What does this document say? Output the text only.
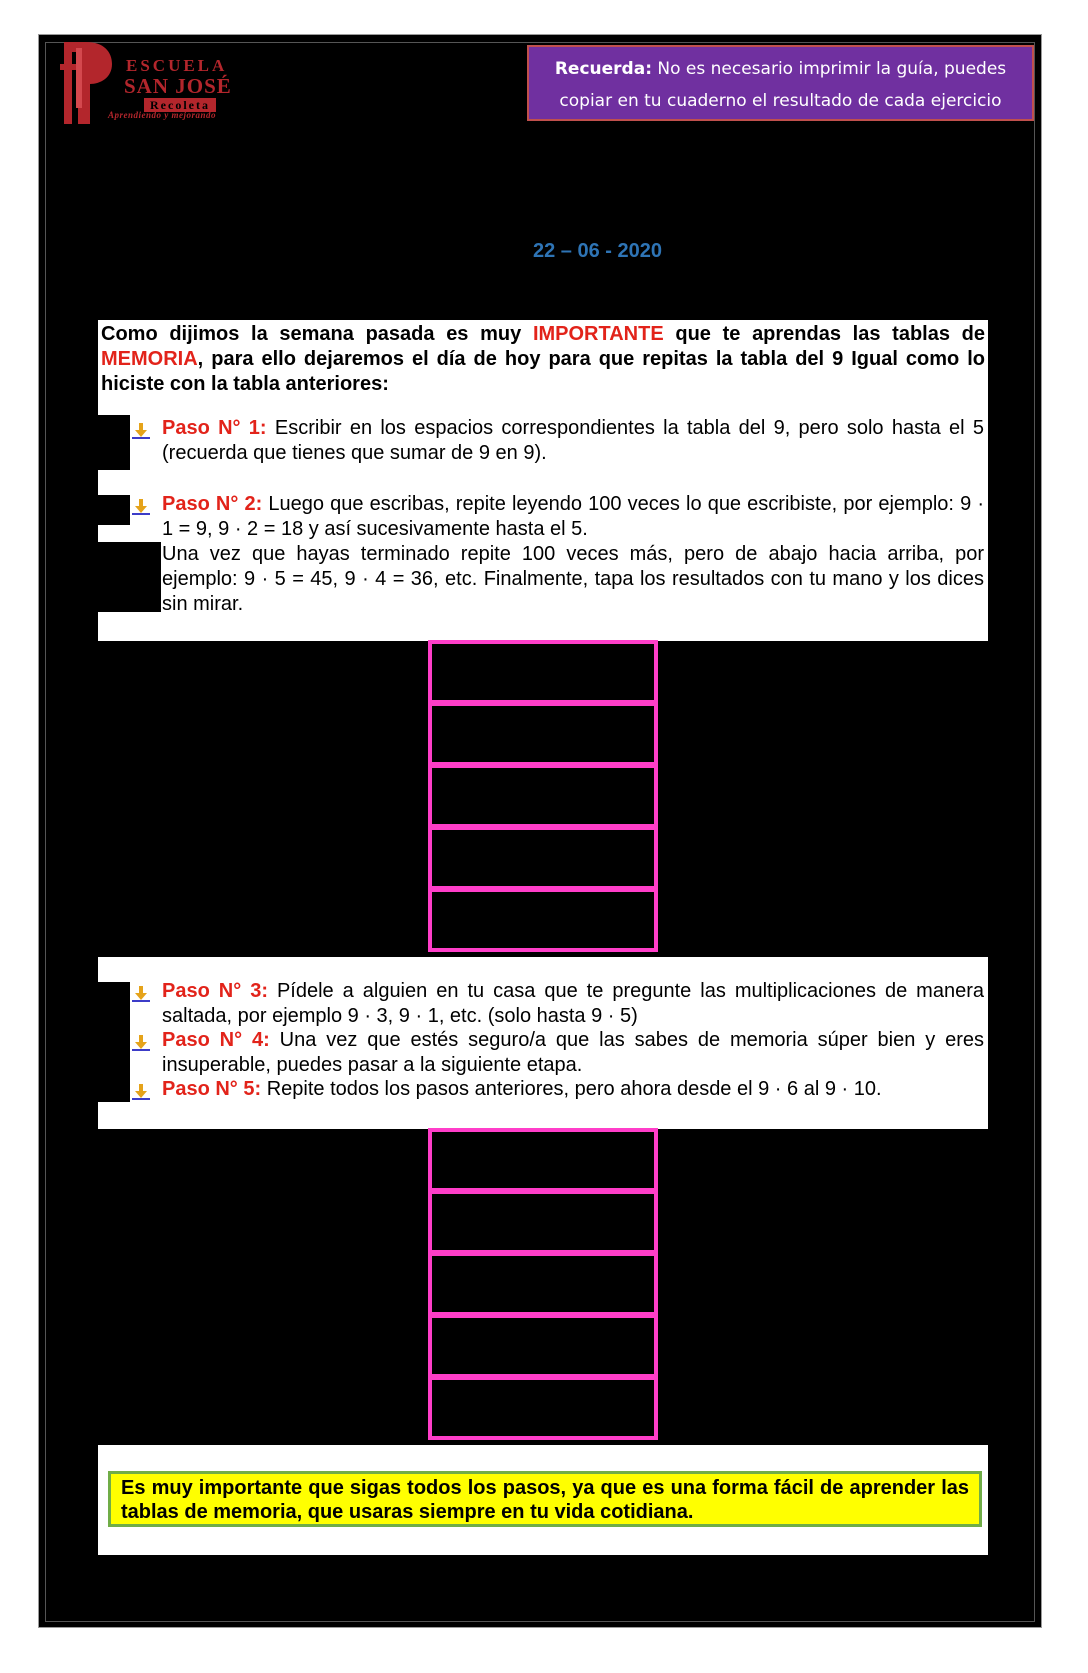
ESCUELA
SAN JOSÉ
Recoleta
Aprendiendo y mejorando
Recuerda: No es necesario imprimir la guía, puedes
copiar en tu cuaderno el resultado de cada ejercicio
22 – 06 - 2020
Como dijimos la semana pasada es muy IMPORTANTE que te aprendas las tablas de MEMORIA, para ello dejaremos el día de hoy para que repitas la tabla del 9 Igual como lo hiciste con la tabla anteriores:
Paso N° 1: Escribir en los espacios correspondientes la tabla del 9, pero solo hasta el 5 (recuerda que tienes que sumar de 9 en 9).
Paso N° 2: Luego que escribas, repite leyendo 100 veces lo que escribiste, por ejemplo: 9 · 1 = 9, 9 · 2 = 18 y así sucesivamente hasta el 5.
Una vez que hayas terminado repite 100 veces más, pero de abajo hacia arriba, por ejemplo: 9 · 5 = 45, 9 · 4 = 36, etc. Finalmente, tapa los resultados con tu mano y los dices sin mirar.
Paso N° 3: Pídele a alguien en tu casa que te pregunte las multiplicaciones de manera saltada, por ejemplo 9 · 3, 9 · 1, etc. (solo hasta 9 · 5)
Paso N° 4: Una vez que estés seguro/a que las sabes de memoria súper bien y eres insuperable, puedes pasar a la siguiente etapa.
Paso N° 5: Repite todos los pasos anteriores, pero ahora desde el 9 · 6 al 9 · 10.
Es muy importante que sigas todos los pasos, ya que es una forma fácil de aprender las tablas de memoria, que usaras siempre en tu vida cotidiana.
